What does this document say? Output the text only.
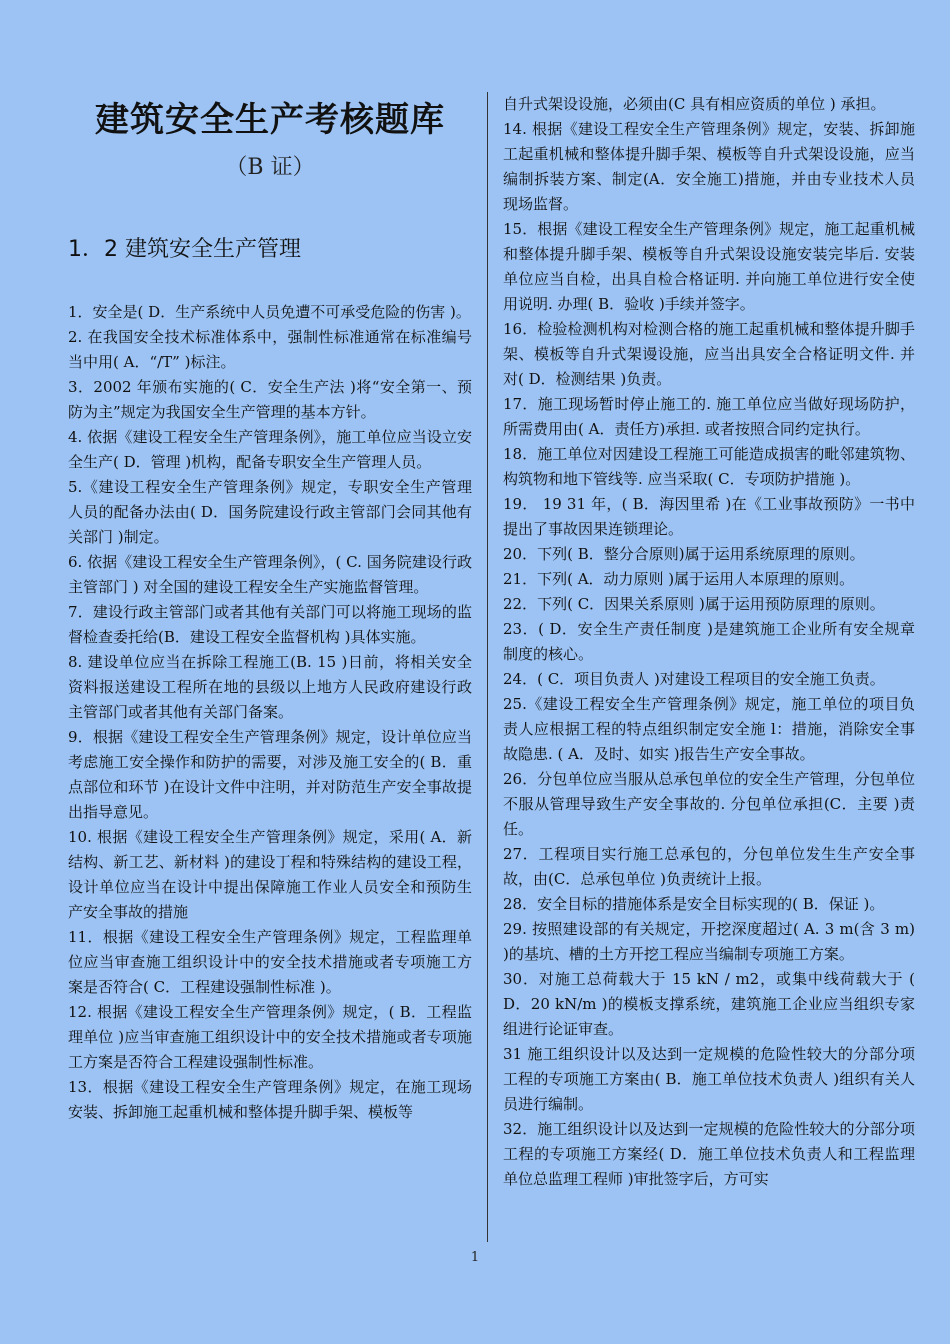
建筑安全生产考核题库
（B 证）
1．2 建筑安全生产管理

1．安全是( D．生产系统中人员免遭不可承受危险的伤害 )。

2. 在我国安全技术标准体系中，强制性标准通常在标准编号当中用( A．“/T” )标注。

3．2002 年颁布实施的( C．安全生产法 )将“安全第一、预防为主”规定为我国安全生产管理的基本方针。

4. 依据《建设工程安全生产管理条例》，施工单位应当设立安全生产( D．管理 )机构，配备专职安全生产管理人员。

5.《建设工程安全生产管理条例》规定，专职安全生产管理人员的配备办法由( D．国务院建设行政主管部门会同其他有关部门 )制定。

6. 依据《建设工程安全生产管理条例》，( C. 国务院建设行政主管部门 ) 对全国的建设工程安全生产实施监督管理。

7．建设行政主管部门或者其他有关部门可以将施工现场的监督检查委托给(B．建设工程安全监督机构 )具体实施。

8. 建设单位应当在拆除工程施工(B. 15 )日前，将相关安全资料报送建设工程所在地的县级以上地方人民政府建设行政主管部门或者其他有关部门备案。

9．根据《建设工程安全生产管理条例》规定，设计单位应当考虑施工安全操作和防护的需要，对涉及施工安全的( B．重点部位和环节 )在设计文件中注明，并对防范生产安全事故提出指导意见。

10. 根据《建设工程安全生产管理条例》规定，采用( A．新结构、新工艺、新材料 )的建设丁程和特殊结构的建设工程，设计单位应当在设计中提出保障施工作业人员安全和预防生产安全事故的措施

11．根据《建设工程安全生产管理条例》规定，工程监理单位应当审查施工组织设计中的安全技术措施或者专项施工方案是否符合( C．工程建设强制性标准 )。

12. 根据《建设工程安全生产管理条例》规定，( B．工程监理单位 )应当审查施工组织设计中的安全技术措施或者专项施工方案是否符合工程建设强制性标准。

13．根据《建设工程安全生产管理条例》规定，在施工现场安装、拆卸施工起重机械和整体提升脚手架、模板等

自升式架设设施，必须由(C 具有相应资质的单位 ) 承担。

14. 根据《建设工程安全生产管理条例》规定，安装、拆卸施工起重机械和整体提升脚手架、模板等自升式架设设施，应当编制拆装方案、制定(A．安全施工)措施，并由专业技术人员现场监督。

15．根据《建设工程安全生产管理条例》规定，施工起重机械和整体提升脚手架、模板等自升式架设设施安装完毕后. 安装单位应当自检，出具自检合格证明. 并向施工单位进行安全使用说明. 办理( B．验收 )手续并签字。

16．检验检测机构对检测合格的施工起重机械和整体提升脚手架、模板等自升式架谩设施，应当出具安全合格证明文件. 并对( D．检测结果 )负责。

17．施工现场暂时停止施工的. 施工单位应当做好现场防护，所需费用由( A．责任方)承担. 或者按照合同约定执行。

18．施工单位对因建设工程施工可能造成损害的毗邻建筑物、构筑物和地下管线等. 应当采取( C．专项防护措施 )。

19． 19 31 年，( B．海因里希 )在《工业事故预防》一书中提出了事故因果连锁理论。

20．下列( B．整分合原则)属于运用系统原理的原则。

21．下列( A．动力原则 )属于运用人本原理的原则。

22．下列( C．因果关系原则 )属于运用预防原理的原则。

23．( D．安全生产责任制度 )是建筑施工企业所有安全规章制度的核心。

24．( C．项目负责人 )对建设工程项目的安全施工负责。

25.《建设工程安全生产管理条例》规定，施工单位的项目负责人应根据工程的特点组织制定安全施 l：措施，消除安全事故隐患. ( A．及时、如实 )报告生产安全事故。

26．分包单位应当服从总承包单位的安全生产管理，分包单位不服从管理导致生产安全事故的. 分包单位承担(C．主要 )责任。

27．工程项目实行施工总承包的，分包单位发生生产安全事故，由(C．总承包单位 )负责统计上报。

28．安全目标的措施体系是安全目标实现的( B．保证 )。

29. 按照建设部的有关规定，开挖深度超过( A. 3 m(含 3 m) )的基坑、槽的土方开挖工程应当编制专项施工方案。

30．对施工总荷载大于 15 kN / m2，或集中线荷载大于 ( D．20 kN/m )的模板支撑系统，建筑施工企业应当组织专家组进行论证审查。

31 施工组织设计以及达到一定规模的危险性较大的分部分项工程的专项施工方案由( B．施工单位技术负责人 )组织有关人员进行编制。

32．施工组织设计以及达到一定规模的危险性较大的分部分项工程的专项施工方案经( D．施工单位技术负责人和工程监理单位总监理工程师 )审批签字后，方可实

1
